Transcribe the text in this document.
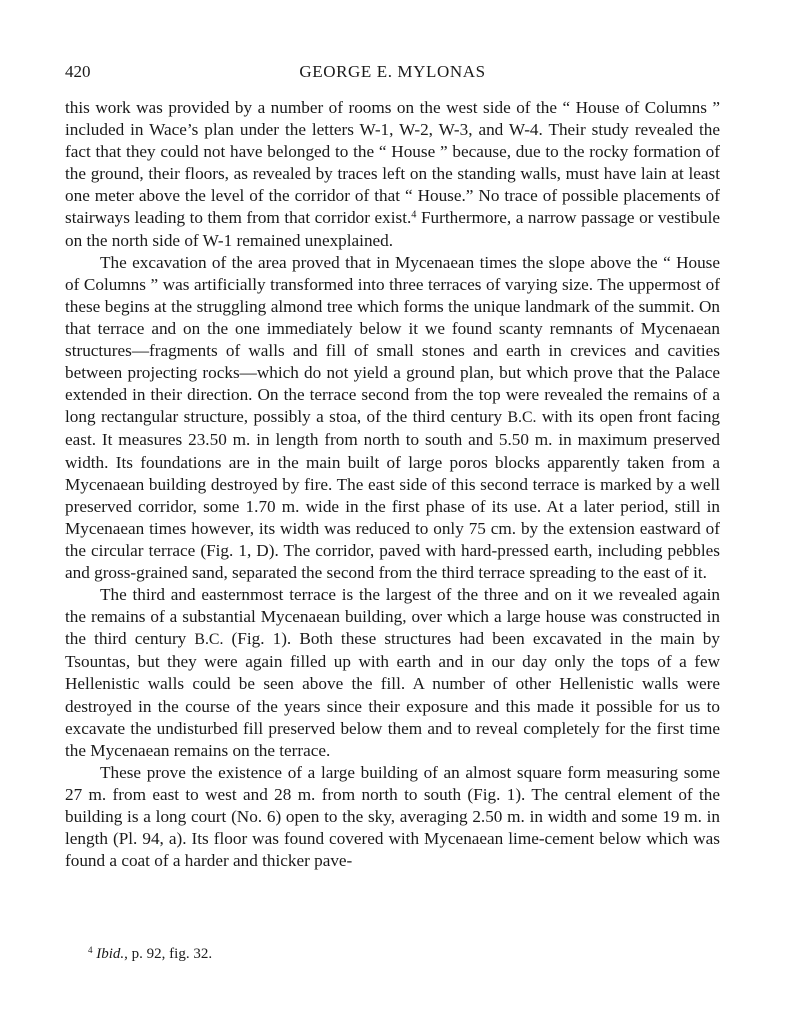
420	GEORGE E. MYLONAS

this work was provided by a number of rooms on the west side of the “ House of Columns ” included in Wace’s plan under the letters W-1, W-2, W-3, and W-4. Their study revealed the fact that they could not have belonged to the “ House ” because, due to the rocky formation of the ground, their floors, as revealed by traces left on the standing walls, must have lain at least one meter above the level of the corridor of that “ House.” No trace of possible placements of stairways leading to them from that corridor exist.$^4$ Furthermore, a narrow passage or vestibule on the north side of W-1 remained unexplained.

The excavation of the area proved that in Mycenaean times the slope above the “ House of Columns ” was artificially transformed into three terraces of varying size. The uppermost of these begins at the struggling almond tree which forms the unique landmark of the summit. On that terrace and on the one immediately below it we found scanty remnants of Mycenaean structures—fragments of walls and fill of small stones and earth in crevices and cavities between projecting rocks—which do not yield a ground plan, but which prove that the Palace extended in their direction. On the terrace second from the top were revealed the remains of a long rectangular structure, possibly a stoa, of the third century B.C. with its open front facing east. It measures 23.50 m. in length from north to south and 5.50 m. in maximum preserved width. Its foundations are in the main built of large poros blocks apparently taken from a Mycenaean building destroyed by fire. The east side of this second terrace is marked by a well preserved corridor, some 1.70 m. wide in the first phase of its use. At a later period, still in Mycenaean times however, its width was reduced to only 75 cm. by the extension eastward of the circular terrace (Fig. 1, D). The corridor, paved with hard-pressed earth, including pebbles and gross-grained sand, separated the second from the third terrace spreading to the east of it.

The third and easternmost terrace is the largest of the three and on it we revealed again the remains of a substantial Mycenaean building, over which a large house was constructed in the third century B.C. (Fig. 1). Both these structures had been excavated in the main by Tsountas, but they were again filled up with earth and in our day only the tops of a few Hellenistic walls could be seen above the fill. A number of other Hellenistic walls were destroyed in the course of the years since their exposure and this made it possible for us to excavate the undisturbed fill preserved below them and to reveal completely for the first time the Mycenaean remains on the terrace.

These prove the existence of a large building of an almost square form measuring some 27 m. from east to west and 28 m. from north to south (Fig. 1). The central element of the building is a long court (No. 6) open to the sky, averaging 2.50 m. in width and some 19 m. in length (Pl. 94, a). Its floor was found covered with Mycenaean lime-cement below which was found a coat of a harder and thicker pave-

$^4$ Ibid., p. 92, fig. 32.
